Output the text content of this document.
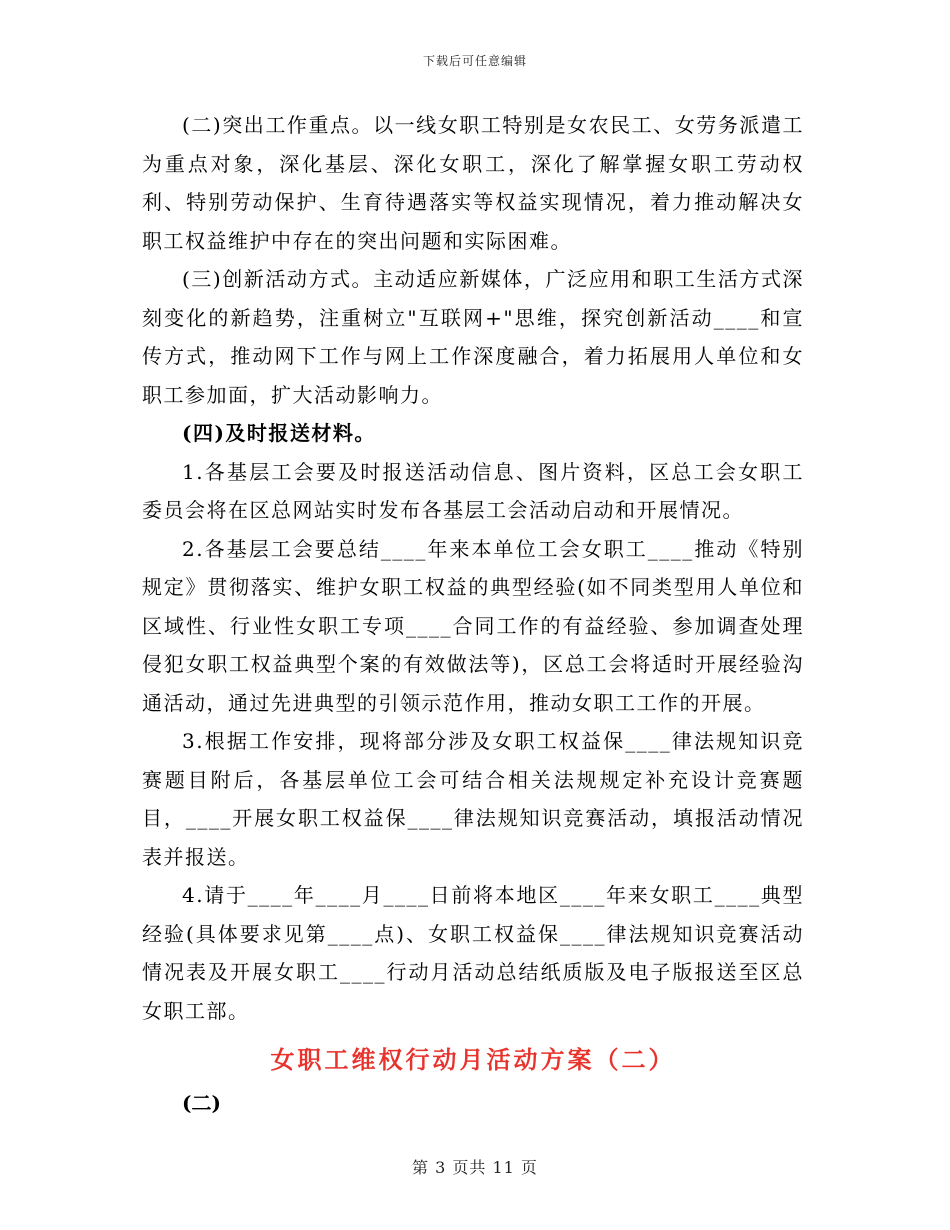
下载后可任意编辑

(二)突出工作重点。以一线女职工特别是女农民工、女劳务派遣工为重点对象，深化基层、深化女职工，深化了解掌握女职工劳动权利、特别劳动保护、生育待遇落实等权益实现情况，着力推动解决女职工权益维护中存在的突出问题和实际困难。

(三)创新活动方式。主动适应新媒体，广泛应用和职工生活方式深刻变化的新趋势，注重树立"互联网+"思维，探究创新活动____和宣传方式，推动网下工作与网上工作深度融合，着力拓展用人单位和女职工参加面，扩大活动影响力。

(四)及时报送材料。

1.各基层工会要及时报送活动信息、图片资料，区总工会女职工委员会将在区总网站实时发布各基层工会活动启动和开展情况。

2.各基层工会要总结____年来本单位工会女职工____推动《特别规定》贯彻落实、维护女职工权益的典型经验(如不同类型用人单位和区域性、行业性女职工专项____合同工作的有益经验、参加调查处理侵犯女职工权益典型个案的有效做法等)，区总工会将适时开展经验沟通活动，通过先进典型的引领示范作用，推动女职工工作的开展。

3.根据工作安排，现将部分涉及女职工权益保____律法规知识竞赛题目附后，各基层单位工会可结合相关法规规定补充设计竞赛题目，____开展女职工权益保____律法规知识竞赛活动，填报活动情况表并报送。

4.请于____年____月____日前将本地区____年来女职工____典型经验(具体要求见第____点)、女职工权益保____律法规知识竞赛活动情况表及开展女职工____行动月活动总结纸质版及电子版报送至区总女职工部。

女职工维权行动月活动方案（二）

(二)

第 3 页共 11 页
